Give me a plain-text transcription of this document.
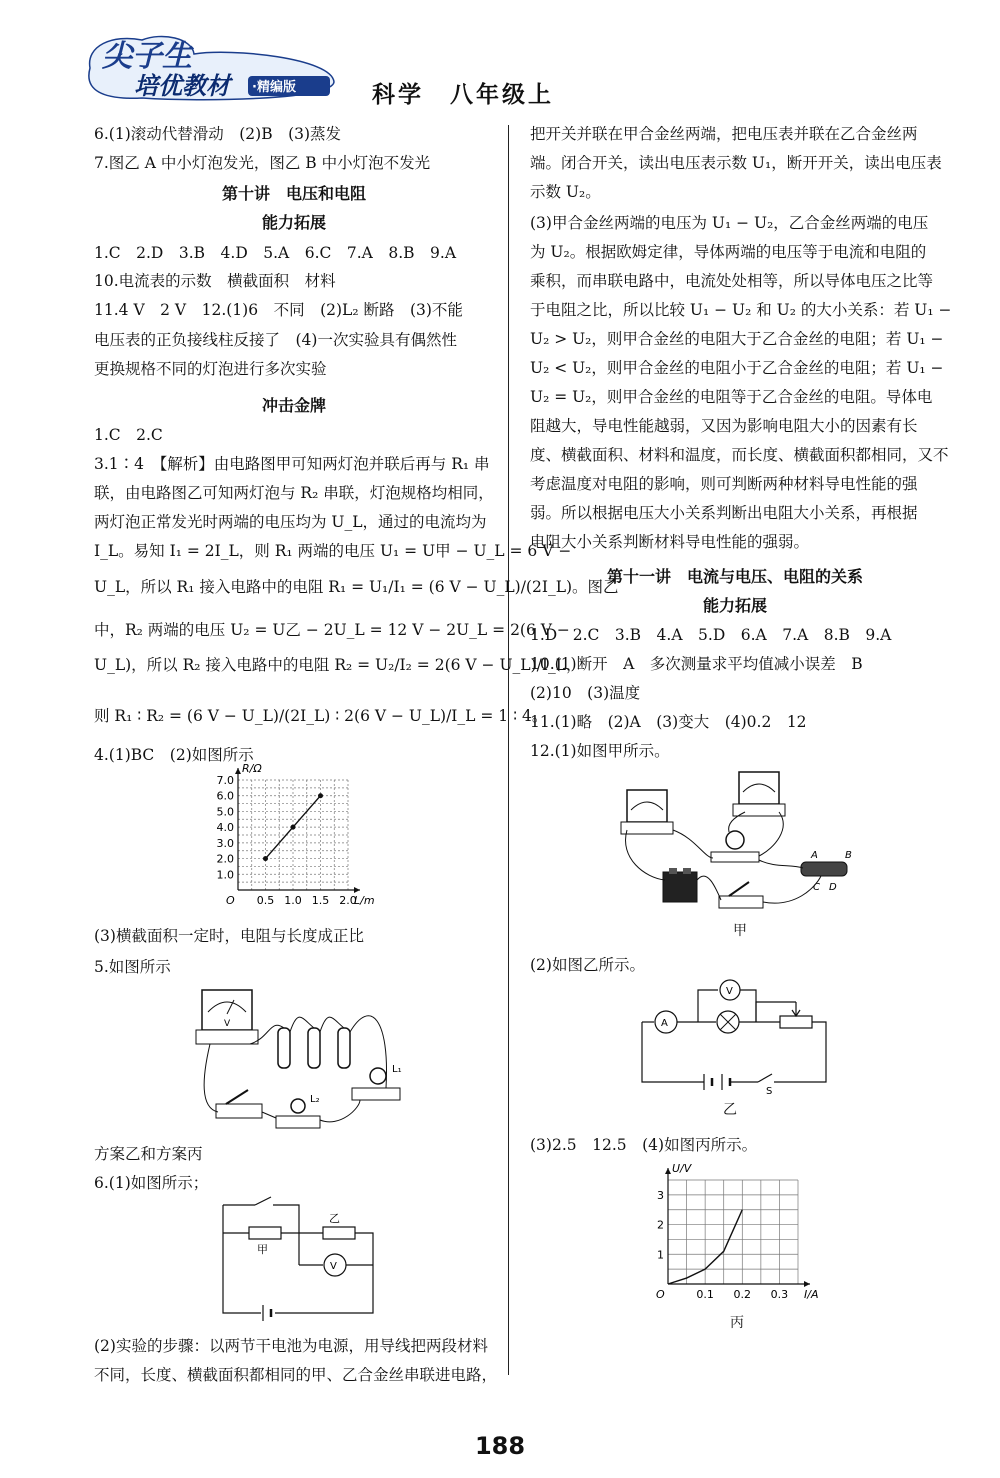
尖子生
培优教材	·精编版	科学　八年级上
6.(1)滚动代替滑动　(2)B　(3)蒸发
7.图乙 A 中小灯泡发光，图乙 B 中小灯泡不发光
第十讲　电压和电阻
能力拓展
1.C　2.D　3.B　4.D　5.A　6.C　7.A　8.B　9.A
10.电流表的示数　横截面积　材料
11.4 V　2 V　12.(1)6　不同　(2)L₂ 断路　(3)不能
电压表的正负接线柱反接了　(4)一次实验具有偶然性
更换规格不同的灯泡进行多次实验
冲击金牌
1.C　2.C
3.1∶4　【解析】由电路图甲可知两灯泡并联后再与 R₁ 串
联，由电路图乙可知两灯泡与 R₂ 串联，灯泡规格均相同，
两灯泡正常发光时两端的电压均为 U_L，通过的电流均为
I_L。易知 I₁ = 2I_L，则 R₁ 两端的电压 U₁ = U甲 − U_L = 6 V −
U_L，所以 R₁ 接入电路中的电阻 R₁ = U₁/I₁ = (6 V − U_L)/(2I_L)。图乙
中，R₂ 两端的电压 U₂ = U乙 − 2U_L = 12 V − 2U_L = 2(6 V −
U_L)，所以 R₂ 接入电路中的电阻 R₂ = U₂/I₂ = 2(6 V − U_L)/I_L，
则 R₁ ∶ R₂ = (6 V − U_L)/(2I_L) ∶ 2(6 V − U_L)/I_L = 1 ∶ 4。
4.(1)BC　(2)如图所示
7.0
6.0
5.0
4.0
3.0
2.0
1.0
0.5 1.0 1.5 2.0
O
R/Ω
L/m
(3)横截面积一定时，电阻与长度成正比
5.如图所示
V
L₁
L₂
方案乙和方案丙
6.(1)如图所示；
甲
乙
V
(2)实验的步骤：以两节干电池为电源，用导线把两段材料
不同，长度、横截面积都相同的甲、乙合金丝串联进电路，
把开关并联在甲合金丝两端，把电压表并联在乙合金丝两
端。闭合开关，读出电压表示数 U₁，断开开关，读出电压表
示数 U₂。
(3)甲合金丝两端的电压为 U₁ − U₂，乙合金丝两端的电压
为 U₂。根据欧姆定律，导体两端的电压等于电流和电阻的
乘积，而串联电路中，电流处处相等，所以导体电压之比等
于电阻之比，所以比较 U₁ − U₂ 和 U₂ 的大小关系：若 U₁ −
U₂ > U₂，则甲合金丝的电阻大于乙合金丝的电阻；若 U₁ −
U₂ < U₂，则甲合金丝的电阻小于乙合金丝的电阻；若 U₁ −
U₂ = U₂，则甲合金丝的电阻等于乙合金丝的电阻。导体电
阻越大，导电性能越弱，又因为影响电阻大小的因素有长
度、横截面积、材料和温度，而长度、横截面积都相同，又不
考虑温度对电阻的影响，则可判断两种材料导电性能的强
弱。所以根据电压大小关系判断出电阻大小关系，再根据
电阻大小关系判断材料导电性能的强弱。
第十一讲　电流与电压、电阻的关系
能力拓展
1.D　2.C　3.B　4.A　5.D　6.A　7.A　8.B　9.A
10.(1)断开　A　多次测量求平均值减小误差　B
(2)10　(3)温度
11.(1)略　(2)A　(3)变大　(4)0.2　12
12.(1)如图甲所示。
A	B
C D
甲
(2)如图乙所示。
S
A
V
乙
(3)2.5　12.5　(4)如图丙所示。
3
2
1
0.1 0.2 0.3
O
U/V
I/A
丙
188
